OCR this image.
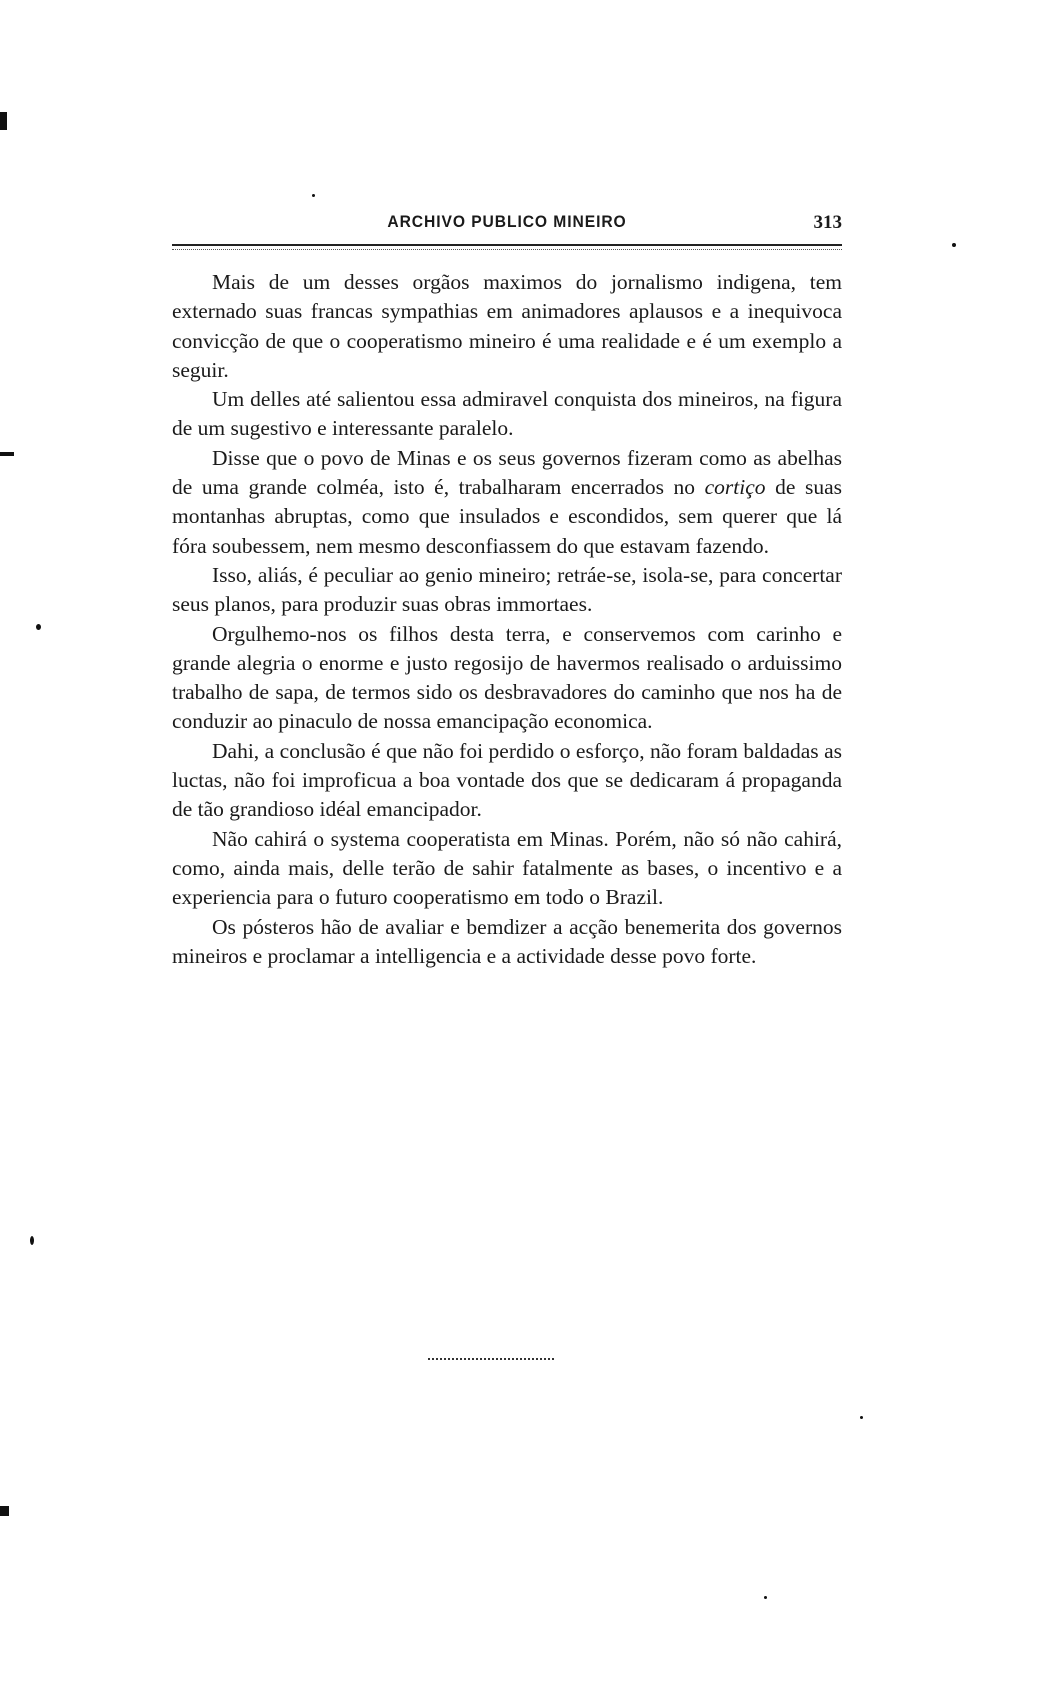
ARCHIVO PUBLICO MINEIRO	313

Mais de um desses orgãos maximos do jornalismo indigena, tem externado suas francas sympathias em animadores aplausos e a inequivoca convicção de que o cooperatismo mineiro é uma realidade e é um exemplo a seguir.

Um delles até salientou essa admiravel conquista dos mineiros, na figura de um sugestivo e interessante paralelo.

Disse que o povo de Minas e os seus governos fizeram como as abelhas de uma grande colméa, isto é, trabalharam encerrados no cortiço de suas montanhas abruptas, como que insulados e escondidos, sem querer que lá fóra soubessem, nem mesmo desconfiassem do que estavam fazendo.

Isso, aliás, é peculiar ao genio mineiro; retráe-se, isola-se, para concertar seus planos, para produzir suas obras immortaes.

Orgulhemo-nos os filhos desta terra, e conservemos com carinho e grande alegria o enorme e justo regosijo de havermos realisado o arduissimo trabalho de sapa, de termos sido os desbravadores do caminho que nos ha de conduzir ao pinaculo de nossa emancipação economica.

Dahi, a conclusão é que não foi perdido o esforço, não foram baldadas as luctas, não foi improficua a boa vontade dos que se dedicaram á propaganda de tão grandioso idéal emancipador.

Não cahirá o systema cooperatista em Minas. Porém, não só não cahirá, como, ainda mais, delle terão de sahir fatalmente as bases, o incentivo e a experiencia para o futuro cooperatismo em todo o Brazil.

Os pósteros hão de avaliar e bemdizer a acção benemerita dos governos mineiros e proclamar a intelligencia e a actividade desse povo forte.
